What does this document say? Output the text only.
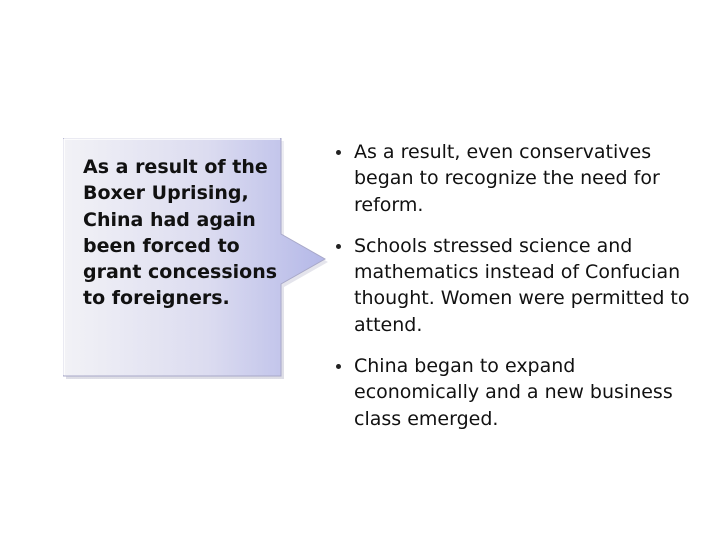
As a result of the Boxer Uprising, China had again been forced to grant concessions to foreigners.

As a result, even conservatives began to recognize the need for reform.
Schools stressed science and mathematics instead of Confucian thought. Women were permitted to attend.
China began to expand economically and a new business class emerged.
